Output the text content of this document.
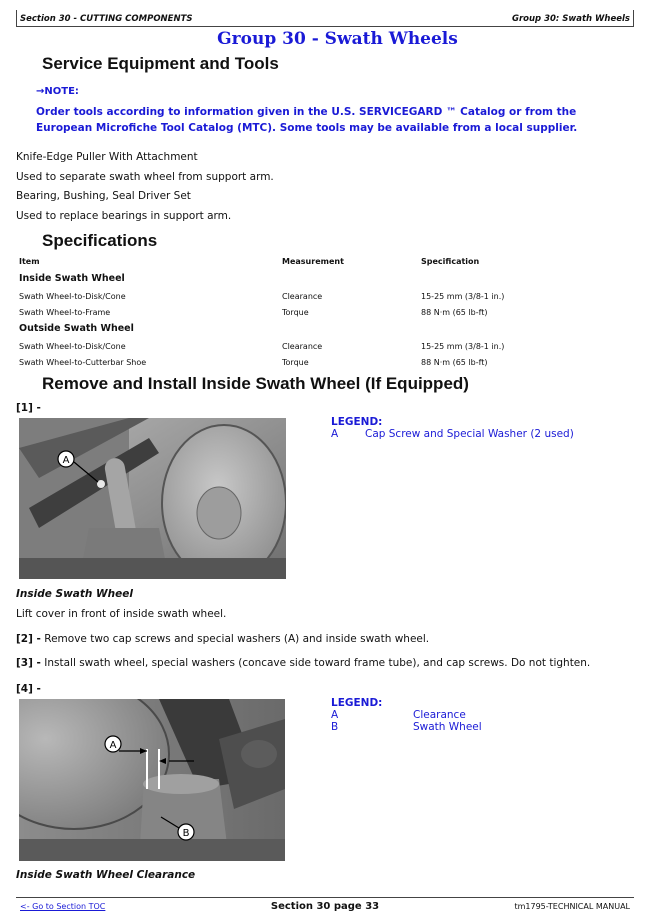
Section 30 - CUTTING COMPONENTS	Group 30: Swath Wheels
Group 30 - Swath Wheels
Service Equipment and Tools
→NOTE:
Order tools according to information given in the U.S. SERVICEGARD ™ Catalog or from the European Microfiche Tool Catalog (MTC). Some tools may be available from a local supplier.
Knife-Edge Puller With Attachment
Used to separate swath wheel from support arm.
Bearing, Bushing, Seal Driver Set
Used to replace bearings in support arm.
Specifications
Item	Measurement	Specification
Inside Swath Wheel
Swath Wheel-to-Disk/Cone	Clearance	15-25 mm (3/8-1 in.)
Swath Wheel-to-Frame	Torque	88 N·m (65 lb-ft)
Outside Swath Wheel
Swath Wheel-to-Disk/Cone	Clearance	15-25 mm (3/8-1 in.)
Swath Wheel-to-Cutterbar Shoe	Torque	88 N·m (65 lb-ft)
Remove and Install Inside Swath Wheel (If Equipped)
[1] -
A
LEGEND:
A	Cap Screw and Special Washer (2 used)
Inside Swath Wheel
Lift cover in front of inside swath wheel.
[2] - Remove two cap screws and special washers (A) and inside swath wheel.
[3] - Install swath wheel, special washers (concave side toward frame tube), and cap screws. Do not tighten.
[4] -
A
B
LEGEND:
A	Clearance
B	Swath Wheel
Inside Swath Wheel Clearance
<- Go to Section TOC	Section 30 page 33	tm1795-TECHNICAL MANUAL
